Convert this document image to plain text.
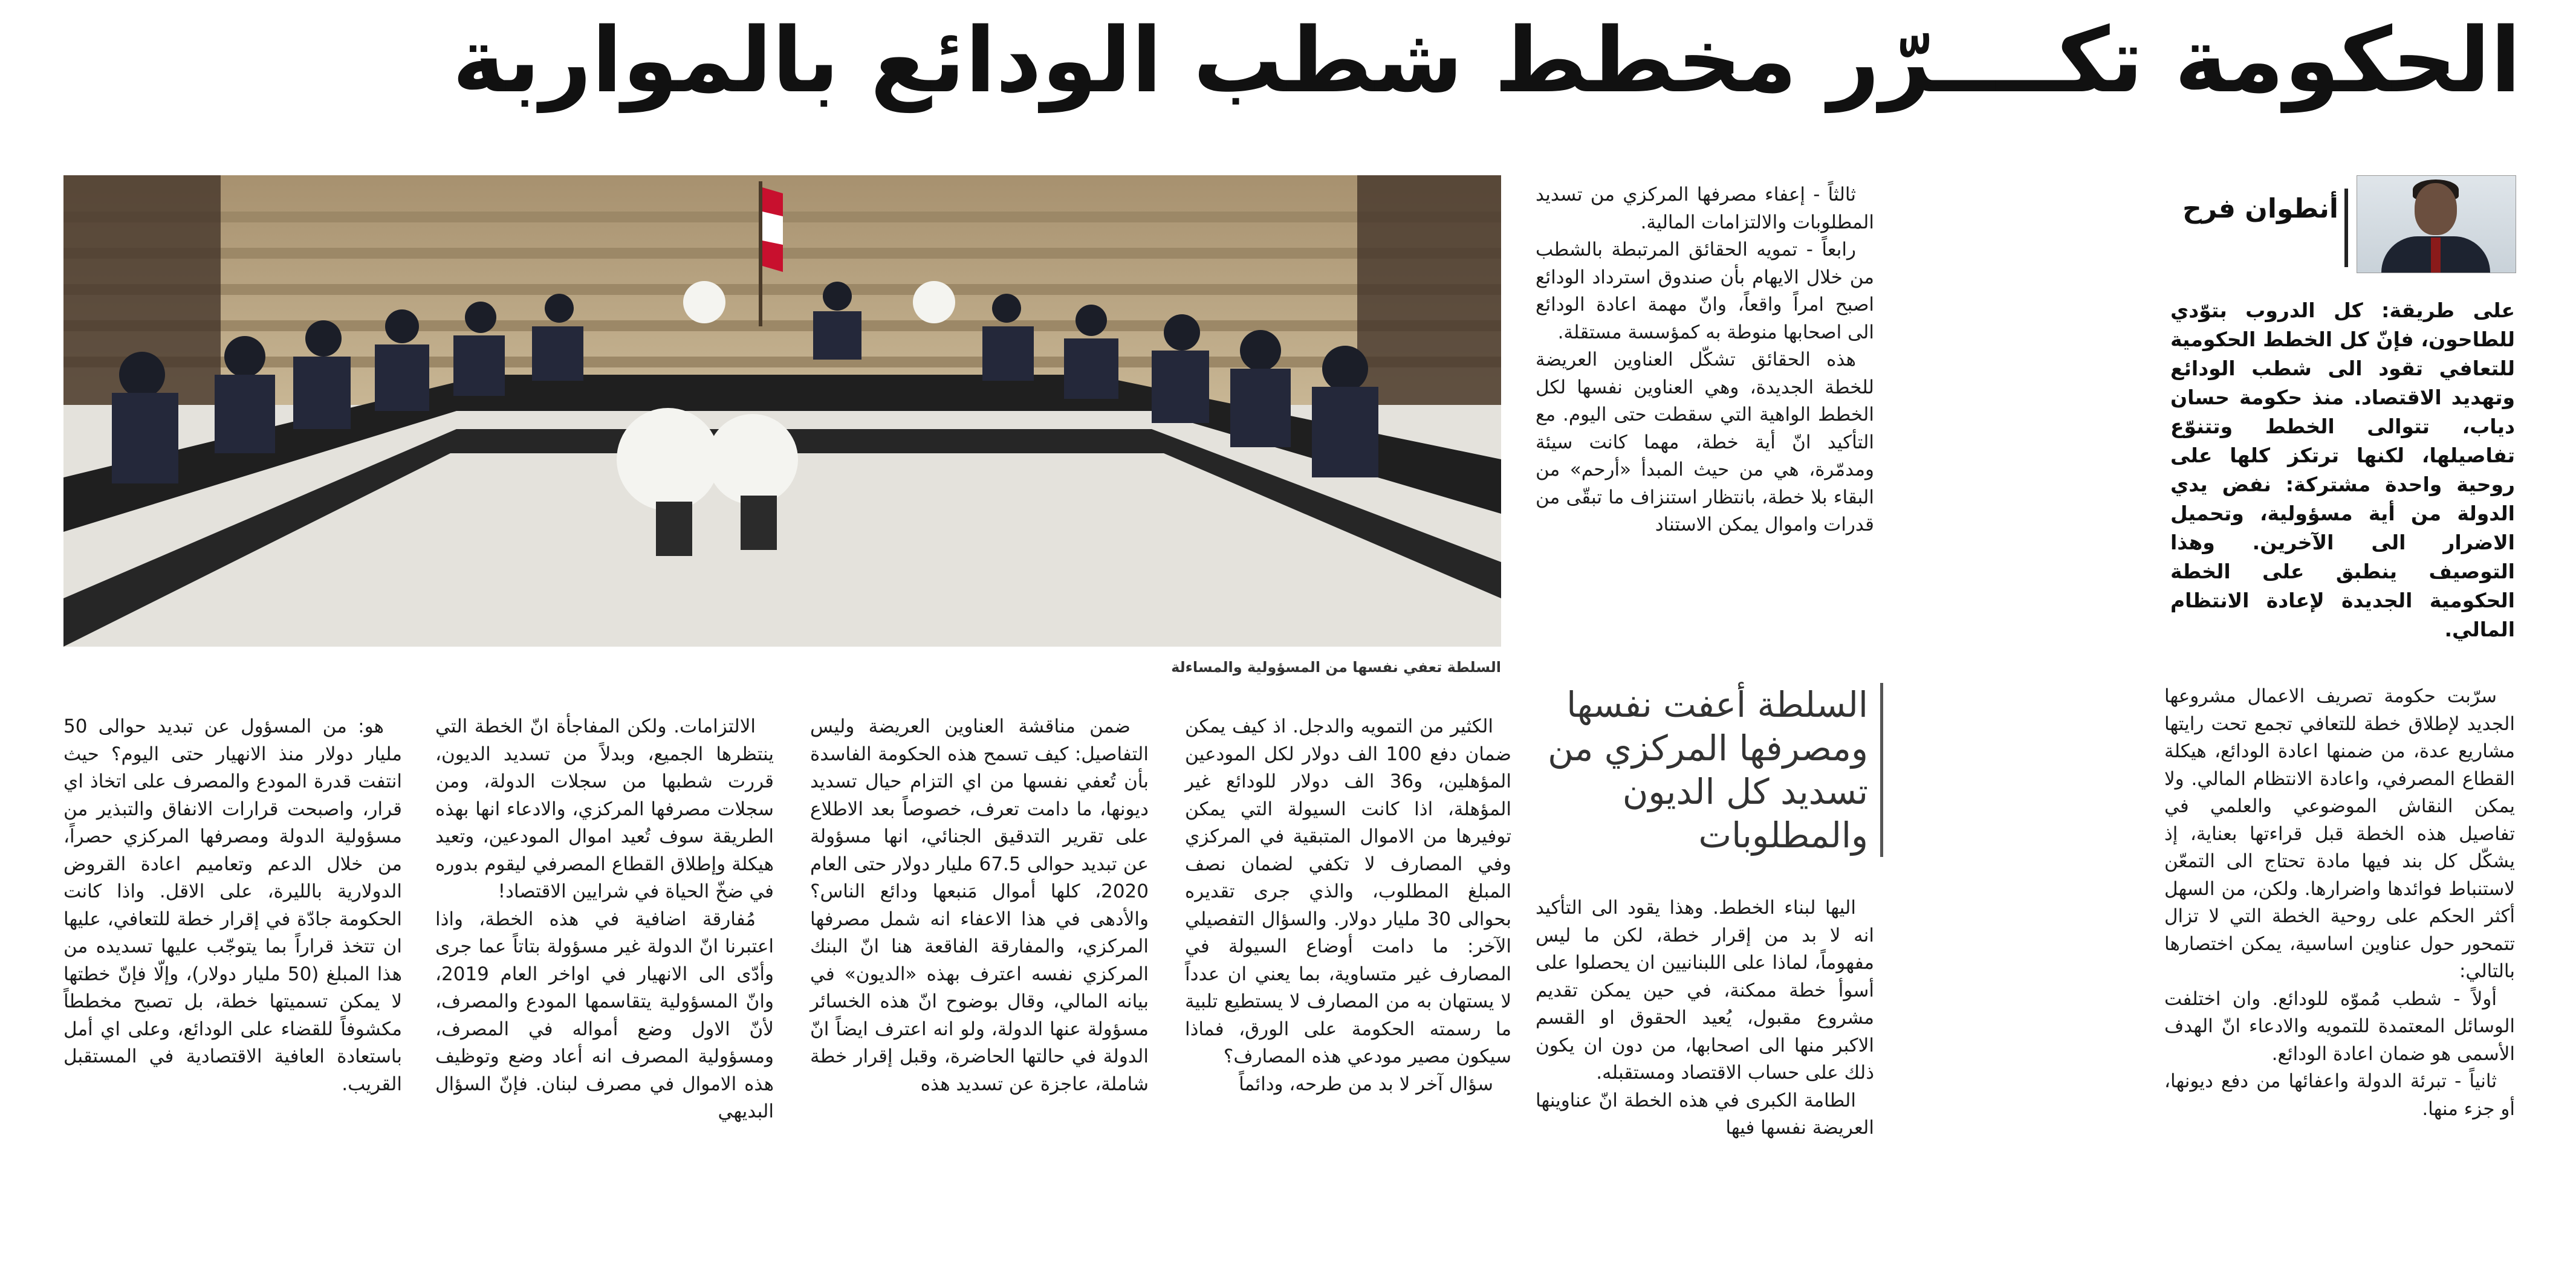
الحكومة تكــــرّر مخطط شطب الودائع بالمواربة
أنطوان فرح
على طريقة: كل الدروب بتوّدي للطاحون، فإنّ كل الخطط الحكومية للتعافي تقود الى شطب الودائع وتهديد الاقتصاد. منذ حكومة حسان دياب، تتوالى الخطط وتتنوّع تفاصيلها، لكنها ترتكز كلها على روحية واحدة مشتركة: نفض يدي الدولة من أية مسؤولية، وتحميل الاضرار الى الآخرين. وهذا التوصيف ينطبق على الخطة الحكومية الجديدة لإعادة الانتظام المالي.

ثالثاً - إعفاء مصرفها المركزي من تسديد المطلوبات والالتزامات المالية.

رابعاً - تمويه الحقائق المرتبطة بالشطب من خلال الايهام بأن صندوق استرداد الودائع اصبح امراً واقعاً، وانّ مهمة اعادة الودائع الى اصحابها منوطة به كمؤسسة مستقلة.

هذه الحقائق تشكّل العناوين العريضة للخطة الجديدة، وهي العناوين نفسها لكل الخطط الواهية التي سقطت حتى اليوم. مع التأكيد انّ أية خطة، مهما كانت سيئة ومدمّرة، هي من حيث المبدأ «أرحم» من البقاء بلا خطة، بانتظار استنزاف ما تبقّى من قدرات واموال يمكن الاستناد

السلطة تعفي نفسها من المسؤولية والمساءلة
السلطة أعفت نفسها ومصرفها المركزي من تسديد كل الديون والمطلوبات

سرّبت حكومة تصريف الاعمال مشروعها الجديد لإطلاق خطة للتعافي تجمع تحت رايتها مشاريع عدة، من ضمنها اعادة الودائع، هيكلة القطاع المصرفي، واعادة الانتظام المالي. ولا يمكن النقاش الموضوعي والعلمي في تفاصيل هذه الخطة قبل قراءتها بعناية، إذ يشكّل كل بند فيها مادة تحتاج الى التمعّن لاستنباط فوائدها واضرارها. ولكن، من السهل أكثر الحكم على روحية الخطة التي لا تزال تتمحور حول عناوين اساسية، يمكن اختصارها بالتالي:

أولاً - شطب مُموّه للودائع. وان اختلفت الوسائل المعتمدة للتمويه والادعاء انّ الهدف الأسمى هو ضمان اعادة الودائع.

ثانياً - تبرئة الدولة واعفائها من دفع ديونها، أو جزء منها.

اليها لبناء الخطط. وهذا يقود الى التأكيد انه لا بد من إقرار خطة، لكن ما ليس مفهوماً، لماذا على اللبنانيين ان يحصلوا على أسوأ خطة ممكنة، في حين يمكن تقديم مشروع مقبول، يُعيد الحقوق او القسم الاكبر منها الى اصحابها، من دون ان يكون ذلك على حساب الاقتصاد ومستقبله.

الطامة الكبرى في هذه الخطة انّ عناوينها العريضة نفسها فيها

الكثير من التمويه والدجل. اذ كيف يمكن ضمان دفع 100 الف دولار لكل المودعين المؤهلين، و36 الف دولار للودائع غير المؤهلة، اذا كانت السيولة التي يمكن توفيرها من الاموال المتبقية في المركزي وفي المصارف لا تكفي لضمان نصف المبلغ المطلوب، والذي جرى تقديره بحوالى 30 مليار دولار. والسؤال التفصيلي الآخر: ما دامت أوضاع السيولة في المصارف غير متساوية، بما يعني ان عدداً لا يستهان به من المصارف لا يستطيع تلبية ما رسمته الحكومة على الورق، فماذا سيكون مصير مودعي هذه المصارف؟

سؤال آخر لا بد من طرحه، ودائماً

ضمن مناقشة العناوين العريضة وليس التفاصيل: كيف تسمح هذه الحكومة الفاسدة بأن تُعفي نفسها من اي التزام حيال تسديد ديونها، ما دامت تعرف، خصوصاً بعد الاطلاع على تقرير التدقيق الجنائي، انها مسؤولة عن تبديد حوالى 67.5 مليار دولار حتى العام 2020، كلها أموال مَنبعها ودائع الناس؟ والأدهى في هذا الاعفاء انه شمل مصرفها المركزي، والمفارقة الفاقعة هنا انّ البنك المركزي نفسه اعترف بهذه «الديون» في بيانه المالي، وقال بوضوح انّ هذه الخسائر مسؤولة عنها الدولة، ولو انه اعترف ايضاً انّ الدولة في حالتها الحاضرة، وقبل إقرار خطة شاملة، عاجزة عن تسديد هذه

الالتزامات. ولكن المفاجأة انّ الخطة التي ينتظرها الجميع، وبدلاً من تسديد الديون، قررت شطبها من سجلات الدولة، ومن سجلات مصرفها المركزي، والادعاء انها بهذه الطريقة سوف تُعيد اموال المودعين، وتعيد هيكلة وإطلاق القطاع المصرفي ليقوم بدوره في ضخّ الحياة في شرايين الاقتصاد!

مُفارقة اضافية في هذه الخطة، واذا اعتبرنا انّ الدولة غير مسؤولة بتاتاً عما جرى وأدّى الى الانهيار في اواخر العام 2019، وانّ المسؤولية يتقاسمها المودع والمصرف، لأنّ الاول وضع أمواله في المصرف، ومسؤولية المصرف انه أعاد وضع وتوظيف هذه الاموال في مصرف لبنان. فإنّ السؤال البديهي

هو: من المسؤول عن تبديد حوالى 50 مليار دولار منذ الانهيار حتى اليوم؟ حيث انتفت قدرة المودع والمصرف على اتخاذ اي قرار، واصبحت قرارات الانفاق والتبذير من مسؤولية الدولة ومصرفها المركزي حصراً، من خلال الدعم وتعاميم اعادة القروض الدولارية بالليرة، على الاقل. واذا كانت الحكومة جادّة في إقرار خطة للتعافي، عليها ان تتخذ قراراً بما يتوجّب عليها تسديده من هذا المبلغ (50 مليار دولار)، وإلّا فإنّ خطتها لا يمكن تسميتها خطة، بل تصبح مخططاً مكشوفاً للقضاء على الودائع، وعلى اي أمل باستعادة العافية الاقتصادية في المستقبل القريب.
